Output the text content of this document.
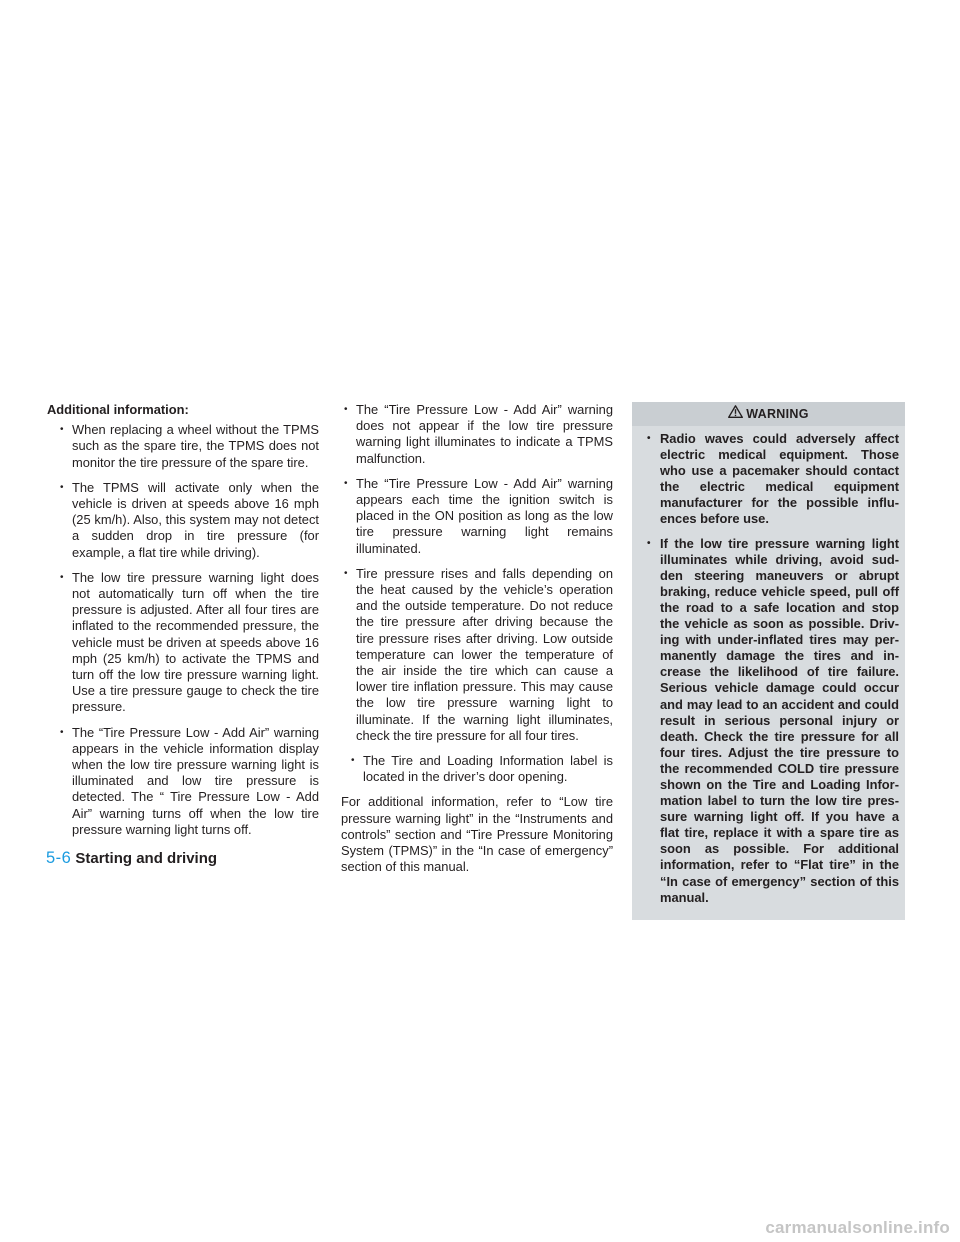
Additional information:

• When replacing a wheel without the TPMS such as the spare tire, the TPMS does not monitor the tire pressure of the spare tire.
• The TPMS will activate only when the vehicle is driven at speeds above 16 mph (25 km/h). Also, this system may not detect a sudden drop in tire pressure (for example, a flat tire while driving).
• The low tire pressure warning light does not automatically turn off when the tire pressure is adjusted. After all four tires are inflated to the recommended pressure, the vehicle must be driven at speeds above 16 mph (25 km/h) to activate the TPMS and turn off the low tire pressure warning light. Use a tire pressure gauge to check the tire pressure.
• The “Tire Pressure Low - Add Air” warning appears in the vehicle information display when the low tire pressure warning light is illuminated and low tire pressure is detected. The “ Tire Pressure Low - Add Air” warning turns off when the low tire pressure warning light turns off.
• The “Tire Pressure Low - Add Air” warning does not appear if the low tire pressure warning light illuminates to indicate a TPMS malfunction.
• The “Tire Pressure Low - Add Air” warning appears each time the ignition switch is placed in the ON position as long as the low tire pressure warning light remains illuminated.
• Tire pressure rises and falls depending on the heat caused by the vehicle’s operation and the outside temperature. Do not reduce the tire pressure after driving because the tire pressure rises after driving. Low outside temperature can lower the temperature of the air inside the tire which can cause a lower tire inflation pressure. This may cause the low tire pressure warning light to illuminate. If the warning light illuminates, check the tire pressure for all four tires.
• The Tire and Loading Information label is located in the driver’s door opening.

For additional information, refer to “Low tire pressure warning light” in the “Instruments and controls” section and “Tire Pressure Monitoring System (TPMS)” in the “In case of emergency” section of this manual.

WARNING
• Radio waves could adversely affect electric medical equipment. Those who use a pacemaker should contact the electric medical equipment manufacturer for the possible influences before use.
• If the low tire pressure warning light illuminates while driving, avoid sudden steering maneuvers or abrupt braking, reduce vehicle speed, pull off the road to a safe location and stop the vehicle as soon as possible. Driving with under-inflated tires may permanently damage the tires and increase the likelihood of tire failure. Serious vehicle damage could occur and may lead to an accident and could result in serious personal injury or death. Check the tire pressure for all four tires. Adjust the tire pressure to the recommended COLD tire pressure shown on the Tire and Loading Information label to turn the low tire pressure warning light off. If you have a flat tire, replace it with a spare tire as soon as possible. For additional information, refer to “Flat tire” in the “In case of emergency” section of this manual.
5-6 Starting and driving
carmanualsonline.info
